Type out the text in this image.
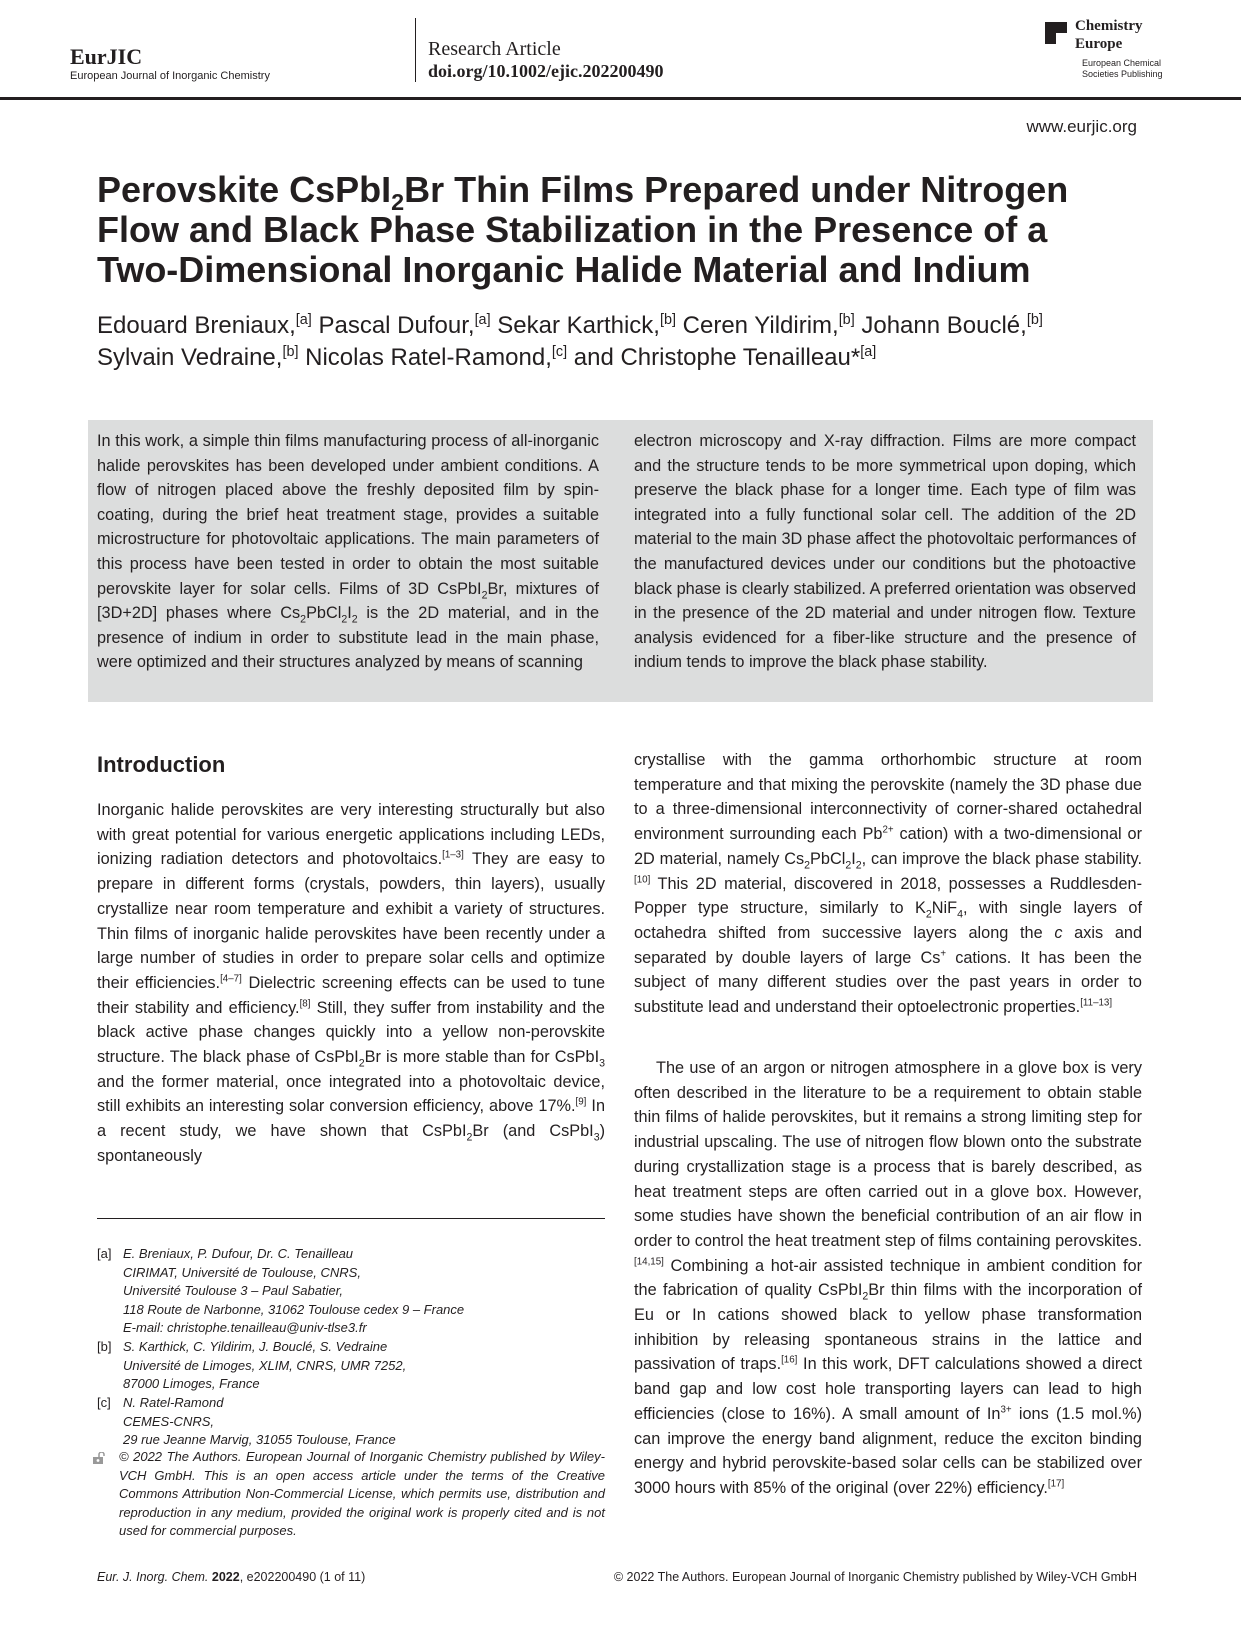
EurJIC
European Journal of Inorganic Chemistry
Research Article
doi.org/10.1002/ejic.202200490
Chemistry
Europe
European Chemical
Societies Publishing
www.eurjic.org
Perovskite CsPbI$_2$Br Thin Films Prepared under Nitrogen
Flow and Black Phase Stabilization in the Presence of a
Two-Dimensional Inorganic Halide Material and Indium
Edouard Breniaux,[a] Pascal Dufour,[a] Sekar Karthick,[b] Ceren Yildirim,[b] Johann Bouclé,[b]
Sylvain Vedraine,[b] Nicolas Ratel-Ramond,[c] and Christophe Tenailleau*[a]
In this work, a simple thin films manufacturing process of all-inorganic halide perovskites has been developed under ambient conditions. A flow of nitrogen placed above the freshly deposited film by spin-coating, during the brief heat treatment stage, provides a suitable microstructure for photovoltaic applications. The main parameters of this process have been tested in order to obtain the most suitable perovskite layer for solar cells. Films of 3D CsPbI$_2$Br, mixtures of [3D+2D] phases where $Cs_2PbCl_2I_2$ is the 2D material, and in the presence of indium in order to substitute lead in the main phase, were optimized and their structures analyzed by means of scanning
electron microscopy and X-ray diffraction. Films are more compact and the structure tends to be more symmetrical upon doping, which preserve the black phase for a longer time. Each type of film was integrated into a fully functional solar cell. The addition of the 2D material to the main 3D phase affect the photovoltaic performances of the manufactured devices under our conditions but the photoactive black phase is clearly stabilized. A preferred orientation was observed in the presence of the 2D material and under nitrogen flow. Texture analysis evidenced for a fiber-like structure and the presence of indium tends to improve the black phase stability.
Introduction
Inorganic halide perovskites are very interesting structurally but also with great potential for various energetic applications including LEDs, ionizing radiation detectors and photovoltaics.[1–3] They are easy to prepare in different forms (crystals, powders, thin layers), usually crystallize near room temperature and exhibit a variety of structures. Thin films of inorganic halide perovskites have been recently under a large number of studies in order to prepare solar cells and optimize their efficiencies.[4–7] Dielectric screening effects can be used to tune their stability and efficiency.[8] Still, they suffer from instability and the black active phase changes quickly into a yellow non-perovskite structure. The black phase of CsPbI$_2$Br is more stable than for CsPbI$_3$ and the former material, once integrated into a photovoltaic device, still exhibits an interesting solar conversion efficiency, above 17%.[9] In a recent study, we have shown that CsPbI$_2$Br (and CsPbI$_3$) spontaneously
crystallise with the gamma orthorhombic structure at room temperature and that mixing the perovskite (namely the 3D phase due to a three-dimensional interconnectivity of corner-shared octahedral environment surrounding each $Pb^{2+}$ cation) with a two-dimensional or 2D material, namely $Cs_2PbCl_2I_2$, can improve the black phase stability.[10] This 2D material, discovered in 2018, possesses a Ruddlesden-Popper type structure, similarly to $K_2NiF_4$, with single layers of octahedra shifted from successive layers along the c axis and separated by double layers of large Cs+ cations. It has been the subject of many different studies over the past years in order to substitute lead and understand their optoelectronic properties.[11–13]
The use of an argon or nitrogen atmosphere in a glove box is very often described in the literature to be a requirement to obtain stable thin films of halide perovskites, but it remains a strong limiting step for industrial upscaling. The use of nitrogen flow blown onto the substrate during crystallization stage is a process that is barely described, as heat treatment steps are often carried out in a glove box. However, some studies have shown the beneficial contribution of an air flow in order to control the heat treatment step of films containing perovskites.[14,15] Combining a hot-air assisted technique in ambient condition for the fabrication of quality CsPbI$_2$Br thin films with the incorporation of Eu or In cations showed black to yellow phase transformation inhibition by releasing spontaneous strains in the lattice and passivation of traps.[16] In this work, DFT calculations showed a direct band gap and low cost hole transporting layers can lead to high efficiencies (close to 16%). A small amount of $In^{3+}$ ions (1.5 mol.%) can improve the energy band alignment, reduce the exciton binding energy and hybrid perovskite-based solar cells can be stabilized over 3000 hours with 85% of the original (over 22%) efficiency.[17]
[a] E. Breniaux, P. Dufour, Dr. C. Tenailleau
CIRIMAT, Université de Toulouse, CNRS,
Université Toulouse 3 – Paul Sabatier,
118 Route de Narbonne, 31062 Toulouse cedex 9 – France
E-mail: christophe.tenailleau@univ-tlse3.fr
[b] S. Karthick, C. Yildirim, J. Bouclé, S. Vedraine
Université de Limoges, XLIM, CNRS, UMR 7252,
87000 Limoges, France
[c] N. Ratel-Ramond
CEMES-CNRS,
29 rue Jeanne Marvig, 31055 Toulouse, France
© 2022 The Authors. European Journal of Inorganic Chemistry published by Wiley-VCH GmbH. This is an open access article under the terms of the Creative Commons Attribution Non-Commercial License, which permits use, distribution and reproduction in any medium, provided the original work is properly cited and is not used for commercial purposes.
Eur. J. Inorg. Chem. 2022, e202200490 (1 of 11)	© 2022 The Authors. European Journal of Inorganic Chemistry published by Wiley-VCH GmbH
